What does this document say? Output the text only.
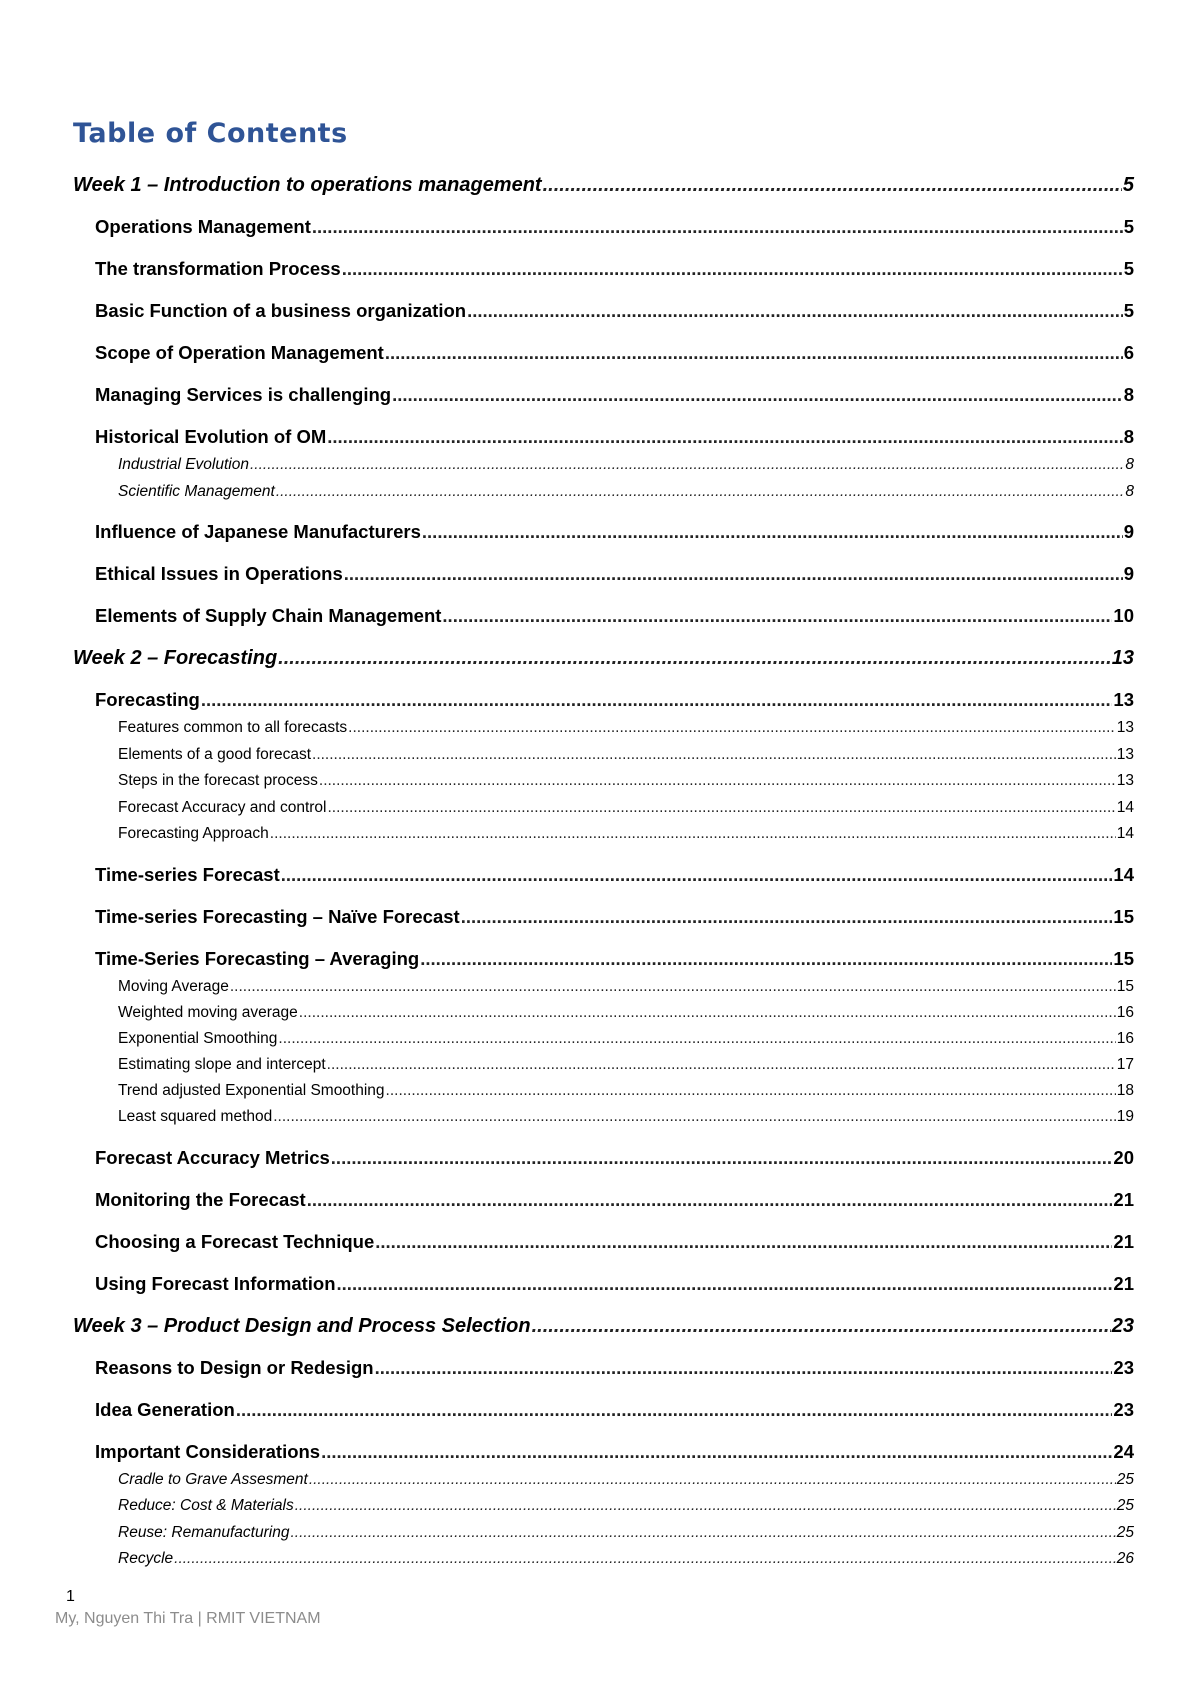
Table of Contents
Week 1 – Introduction to operations management .....	5
Operations Management .....	5
The transformation Process .....	5
Basic Function of a business organization .....	5
Scope of Operation Management .....	6
Managing Services is challenging .....	8
Historical Evolution of OM .....	8
Industrial Evolution .....	8
Scientific Management .....	8
Influence of Japanese Manufacturers .....	9
Ethical Issues in Operations .....	9
Elements of Supply Chain Management .....	10
Week 2 – Forecasting .....	13
Forecasting .....	13
Features common to all forecasts .....	13
Elements of a good forecast .....	13
Steps in the forecast process .....	13
Forecast Accuracy and control .....	14
Forecasting Approach .....	14
Time-series Forecast .....	14
Time-series Forecasting – Naïve Forecast .....	15
Time-Series Forecasting – Averaging .....	15
Moving Average .....	15
Weighted moving average .....	16
Exponential Smoothing .....	16
Estimating slope and intercept .....	17
Trend adjusted Exponential Smoothing .....	18
Least squared method .....	19
Forecast Accuracy Metrics .....	20
Monitoring the Forecast .....	21
Choosing a Forecast Technique .....	21
Using Forecast Information .....	21
Week 3 – Product Design and Process Selection .....	23
Reasons to Design or Redesign .....	23
Idea Generation .....	23
Important Considerations .....	24
Cradle to Grave Assesment .....	25
Reduce: Cost & Materials .....	25
Reuse: Remanufacturing .....	25
Recycle .....	26
1
My, Nguyen Thi Tra | RMIT VIETNAM
